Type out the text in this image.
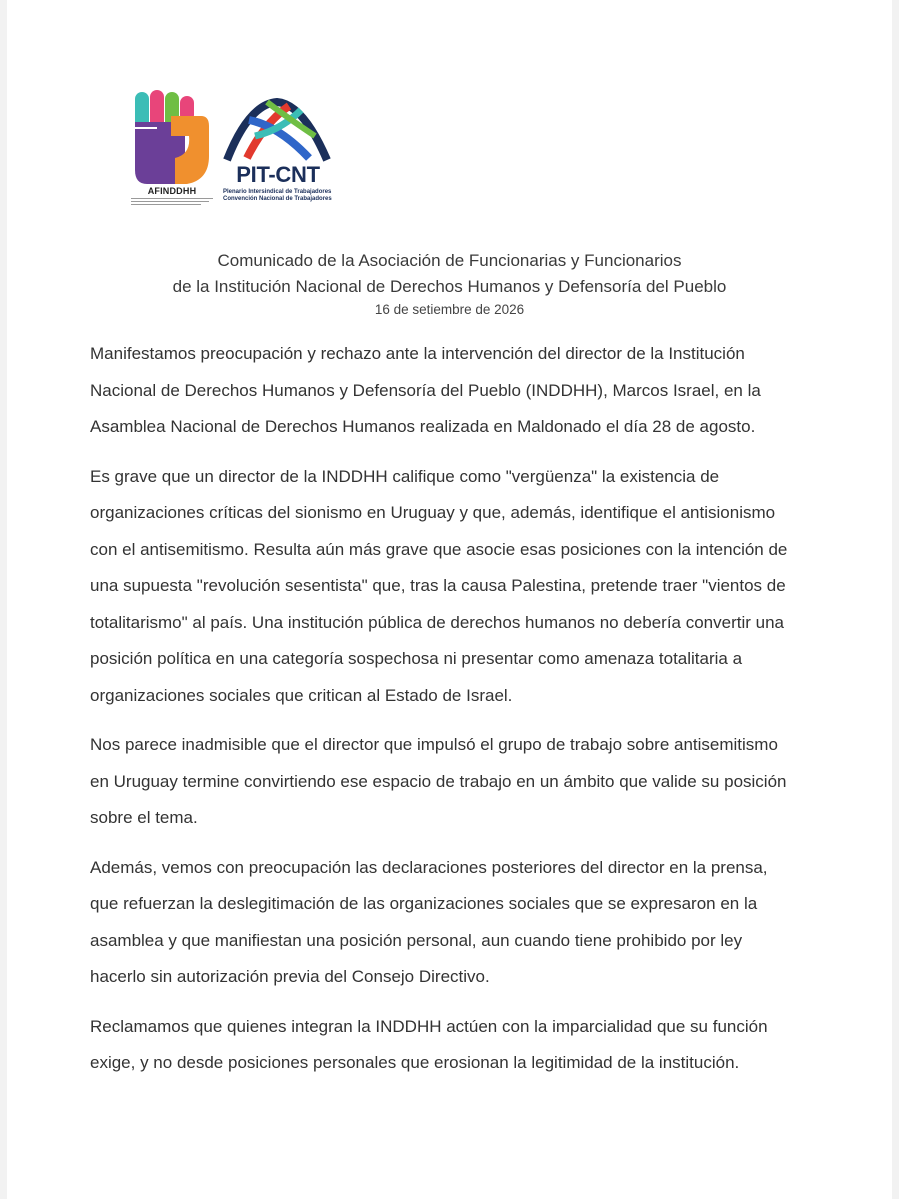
AFINDDHH
PIT-CNT
Plenario Intersindical de Trabajadores
Convención Nacional de Trabajadores
Comunicado de la Asociación de Funcionarias y Funcionarios
de la Institución Nacional de Derechos Humanos y Defensoría del Pueblo
16 de setiembre de 2026

Manifestamos preocupación y rechazo ante la intervención del director de la Institución
Nacional de Derechos Humanos y Defensoría del Pueblo (INDDHH), Marcos Israel, en la
Asamblea Nacional de Derechos Humanos realizada en Maldonado el día 28 de agosto.

Es grave que un director de la INDDHH califique como "vergüenza" la existencia de
organizaciones críticas del sionismo en Uruguay y que, además, identifique el antisionismo
con el antisemitismo. Resulta aún más grave que asocie esas posiciones con la intención de
una supuesta "revolución sesentista" que, tras la causa Palestina, pretende traer "vientos de
totalitarismo" al país. Una institución pública de derechos humanos no debería convertir una
posición política en una categoría sospechosa ni presentar como amenaza totalitaria a
organizaciones sociales que critican al Estado de Israel.

Nos parece inadmisible que el director que impulsó el grupo de trabajo sobre antisemitismo
en Uruguay termine convirtiendo ese espacio de trabajo en un ámbito que valide su posición
sobre el tema.

Además, vemos con preocupación las declaraciones posteriores del director en la prensa,
que refuerzan la deslegitimación de las organizaciones sociales que se expresaron en la
asamblea y que manifiestan una posición personal, aun cuando tiene prohibido por ley
hacerlo sin autorización previa del Consejo Directivo.

Reclamamos que quienes integran la INDDHH actúen con la imparcialidad que su función
exige, y no desde posiciones personales que erosionan la legitimidad de la institución.
